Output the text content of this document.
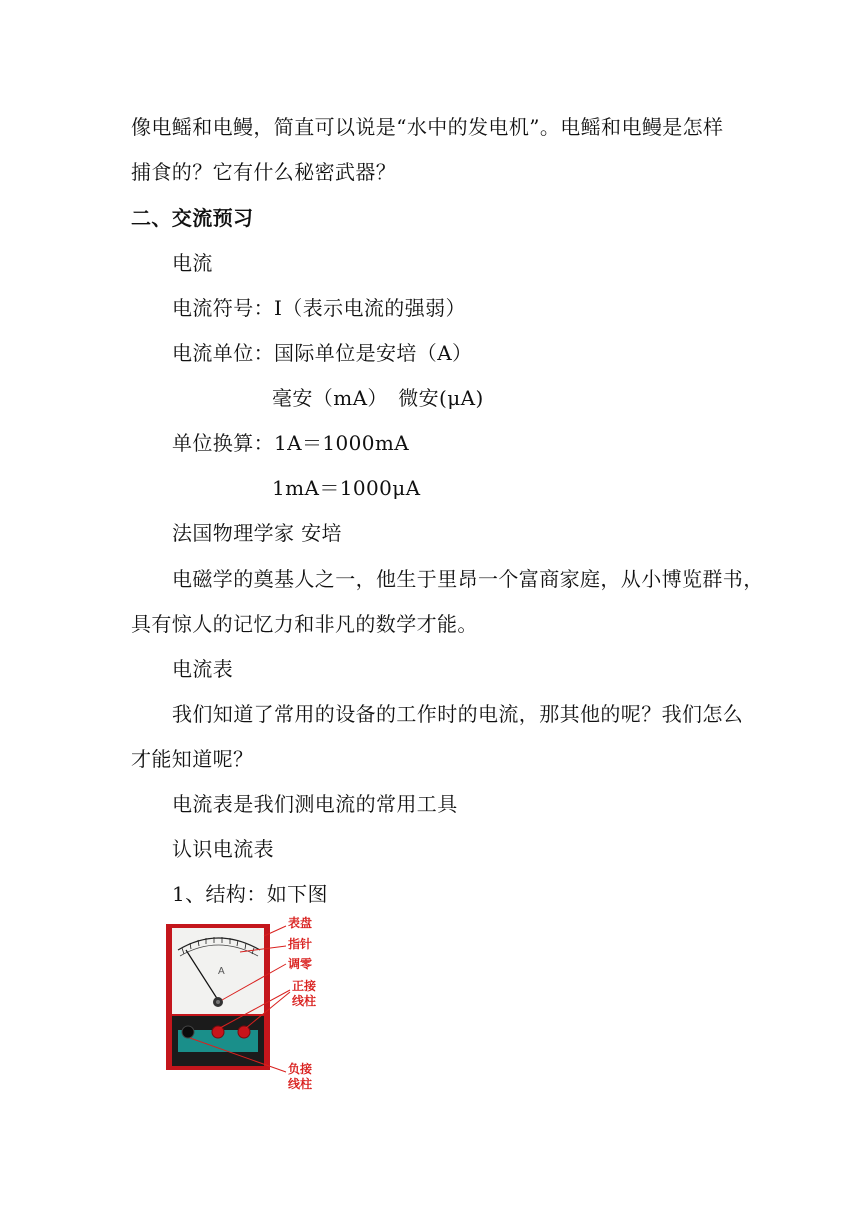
像电鳐和电鳗，简直可以说是“水中的发电机”。电鳐和电鳗是怎样
捕食的？它有什么秘密武器？
二、交流预习
电流
电流符号：I（表示电流的强弱）
电流单位：国际单位是安培（A）
毫安（mA）　微安(μA)
单位换算：1A＝1000mA
1mA＝1000μA
法国物理学家 安培
电磁学的奠基人之一，他生于里昂一个富商家庭，从小博览群书，
具有惊人的记忆力和非凡的数学才能。
电流表
我们知道了常用的设备的工作时的电流，那其他的呢？我们怎么
才能知道呢？
电流表是我们测电流的常用工具
认识电流表
1、结构：如下图
A
表盘
指针
调零
正接
线柱
负接
线柱
